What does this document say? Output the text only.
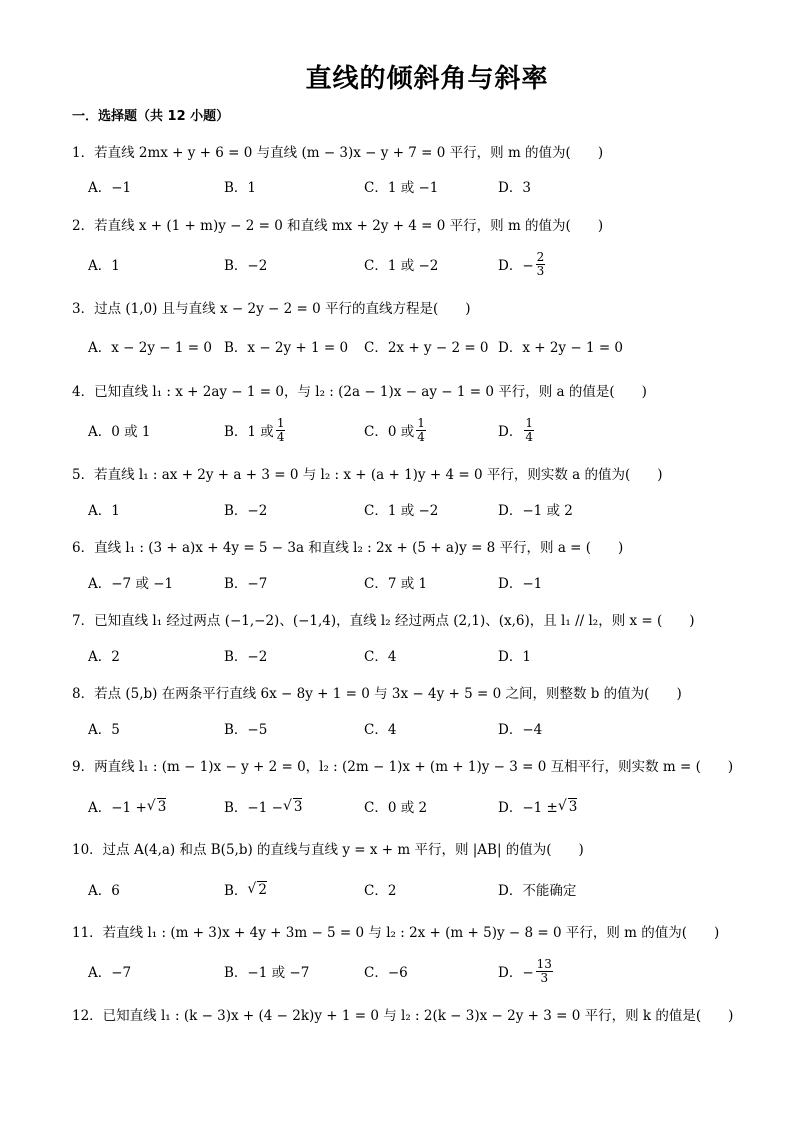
直线的倾斜角与斜率
一．选择题（共 12 小题）
1．若直线 2mx + y + 6 = 0 与直线 (m − 3)x − y + 7 = 0 平行，则 m 的值为(　　)
A．−1	B．1	C．1 或 −1	D．3
2．若直线 x + (1 + m)y − 2 = 0 和直线 mx + 2y + 4 = 0 平行，则 m 的值为(　　)
A．1	B．−2	C．1 或 −2	D．− $\frac{2}{3}$
3．过点 (1,0) 且与直线 x − 2y − 2 = 0 平行的直线方程是(　　)
A．x − 2y − 1 = 0 B．x − 2y + 1 = 0 C．2x + y − 2 = 0 D．x + 2y − 1 = 0
4．已知直线 l₁ : x + 2ay − 1 = 0，与 l₂ : (2a − 1)x − ay − 1 = 0 平行，则 a 的值是(　　)
A．0 或 1	B．1 或 $\frac{1}{4}$	C．0 或 $\frac{1}{4}$	D． $\frac{1}{4}$
5．若直线 l₁ : ax + 2y + a + 3 = 0 与 l₂ : x + (a + 1)y + 4 = 0 平行，则实数 a 的值为(　　)
A．1	B．−2	C．1 或 −2	D．−1 或 2
6．直线 l₁ : (3 + a)x + 4y = 5 − 3a 和直线 l₂ : 2x + (5 + a)y = 8 平行，则 a = (　　)
A．−7 或 −1	B．−7	C．7 或 1	D．−1
7．已知直线 l₁ 经过两点 (−1,−2)、(−1,4)，直线 l₂ 经过两点 (2,1)、(x,6)，且 l₁ // l₂，则 x = (　　)
A．2	B．−2	C．4	D．1
8．若点 (5,b) 在两条平行直线 6x − 8y + 1 = 0 与 3x − 4y + 5 = 0 之间，则整数 b 的值为(　　)
A．5	B．−5	C．4	D．−4
9．两直线 l₁ : (m − 1)x − y + 2 = 0，l₂ : (2m − 1)x + (m + 1)y − 3 = 0 互相平行，则实数 m = (　　)
A．−1 + √ 3	B．−1 − √ 3	C．0 或 2	D．−1 ± √ 3
10．过点 A(4,a) 和点 B(5,b) 的直线与直线 y = x + m 平行，则 |AB| 的值为(　　)
A．6	B． √ 2	C．2	D．不能确定
11．若直线 l₁ : (m + 3)x + 4y + 3m − 5 = 0 与 l₂ : 2x + (m + 5)y − 8 = 0 平行，则 m 的值为(　　)
A．−7	B．−1 或 −7	C．−6	D．− $\frac{13}{3}$
12．已知直线 l₁ : (k − 3)x + (4 − 2k)y + 1 = 0 与 l₂ : 2(k − 3)x − 2y + 3 = 0 平行，则 k 的值是(　　)
